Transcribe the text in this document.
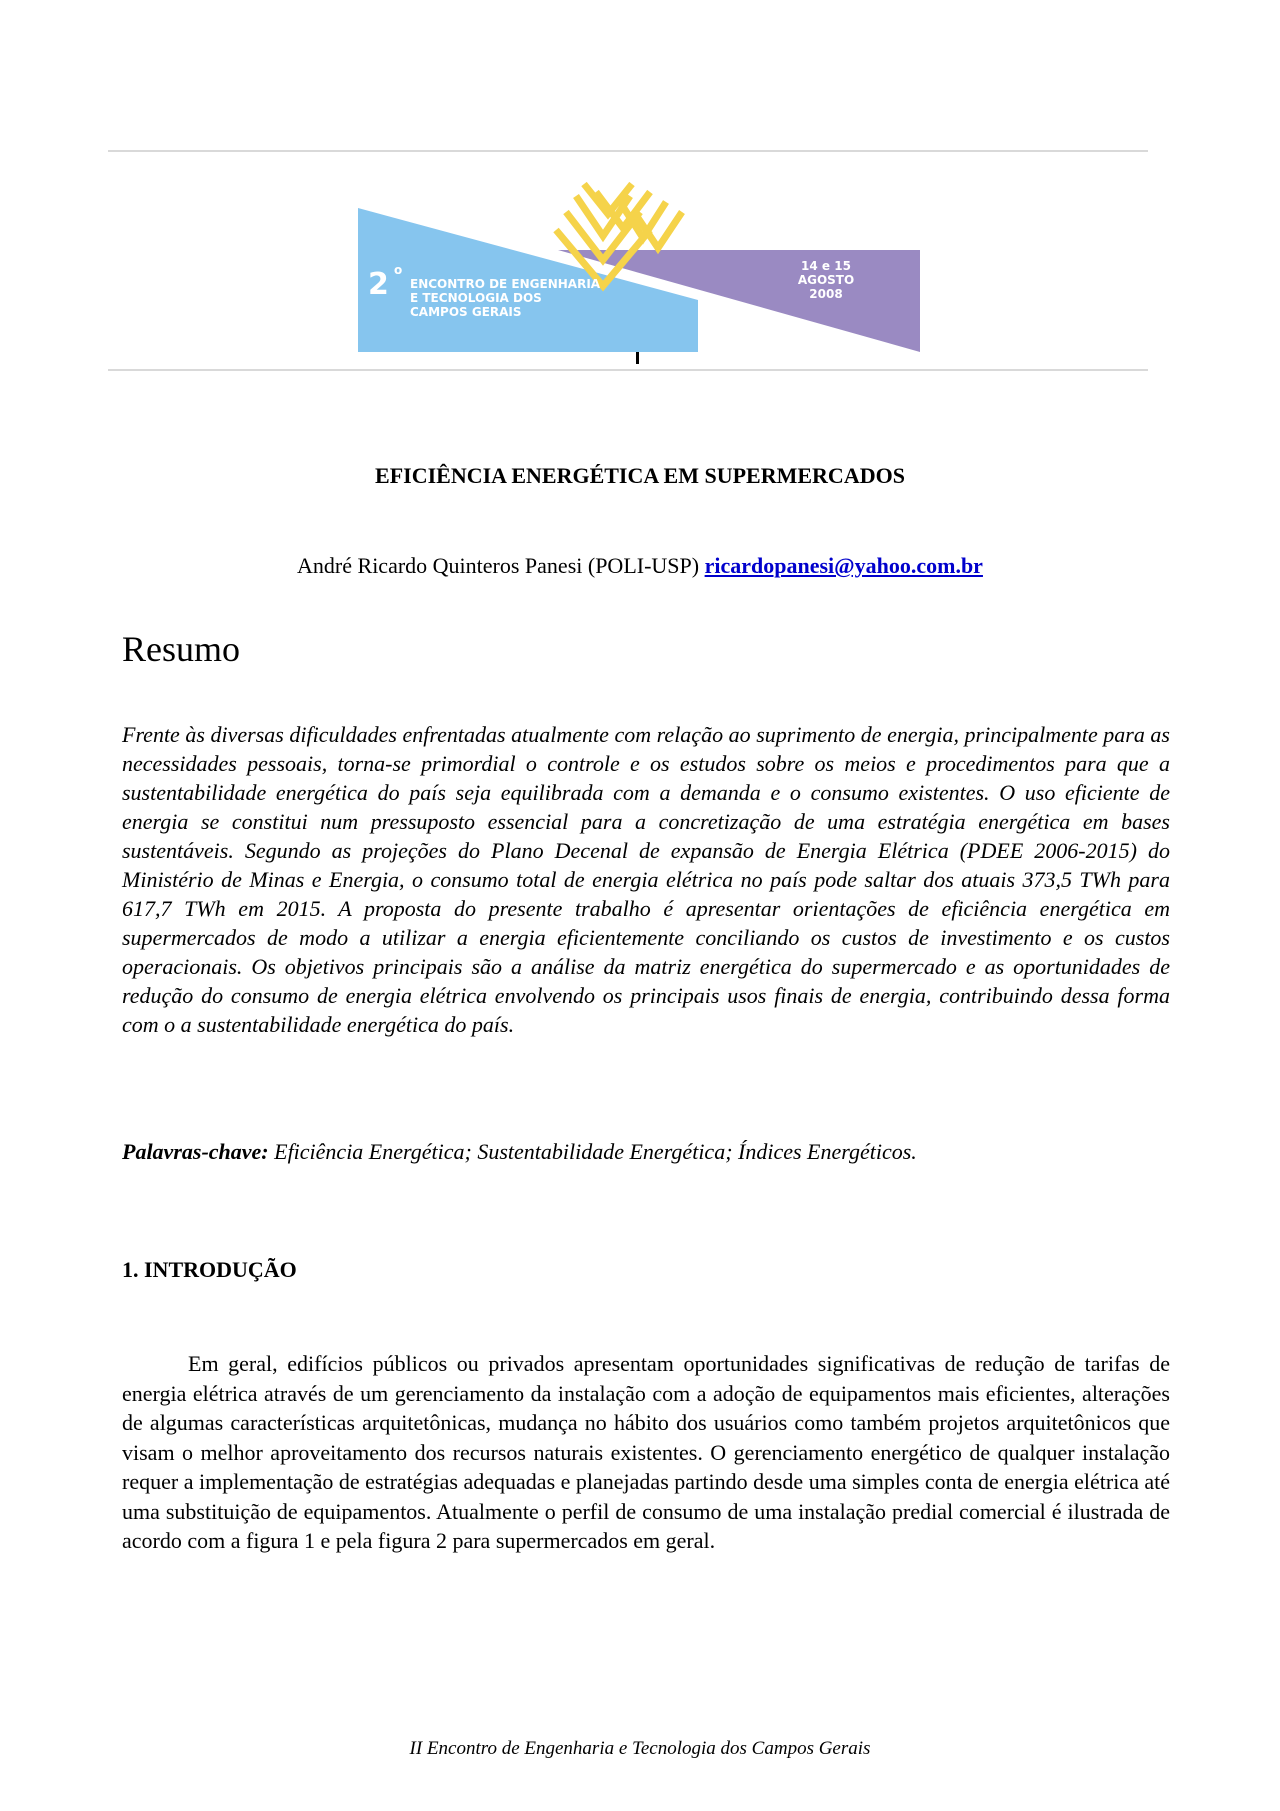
2 o
ENCONTRO DE ENGENHARIA
E TECNOLOGIA DOS
CAMPOS GERAIS
14 e 15
AGOSTO
2008
EFICIÊNCIA ENERGÉTICA EM SUPERMERCADOS
André Ricardo Quinteros Panesi (POLI-USP) ricardopanesi@yahoo.com.br
Resumo

Frente às diversas dificuldades enfrentadas atualmente com relação ao suprimento de energia, principalmente para as necessidades pessoais, torna-se primordial o controle e os estudos sobre os meios e procedimentos para que a sustentabilidade energética do país seja equilibrada com a demanda e o consumo existentes. O uso eficiente de energia se constitui num pressuposto essencial para a concretização de uma estratégia energética em bases sustentáveis. Segundo as projeções do Plano Decenal de expansão de Energia Elétrica (PDEE 2006-2015) do Ministério de Minas e Energia, o consumo total de energia elétrica no país pode saltar dos atuais 373,5 TWh para 617,7 TWh em 2015. A proposta do presente trabalho é apresentar orientações de eficiência energética em supermercados de modo a utilizar a energia eficientemente conciliando os custos de investimento e os custos operacionais. Os objetivos principais são a análise da matriz energética do supermercado e as oportunidades de redução do consumo de energia elétrica envolvendo os principais usos finais de energia, contribuindo dessa forma com o a sustentabilidade energética do país.

Palavras-chave: Eficiência Energética; Sustentabilidade Energética; Índices Energéticos.

1. INTRODUÇÃO

Em geral, edifícios públicos ou privados apresentam oportunidades significativas de redução de tarifas de energia elétrica através de um gerenciamento da instalação com a adoção de equipamentos mais eficientes, alterações de algumas características arquitetônicas, mudança no hábito dos usuários como também projetos arquitetônicos que visam o melhor aproveitamento dos recursos naturais existentes. O gerenciamento energético de qualquer instalação requer a implementação de estratégias adequadas e planejadas partindo desde uma simples conta de energia elétrica até uma substituição de equipamentos. Atualmente o perfil de consumo de uma instalação predial comercial é ilustrada de acordo com a figura 1 e pela figura 2 para supermercados em geral.

II Encontro de Engenharia e Tecnologia dos Campos Gerais
